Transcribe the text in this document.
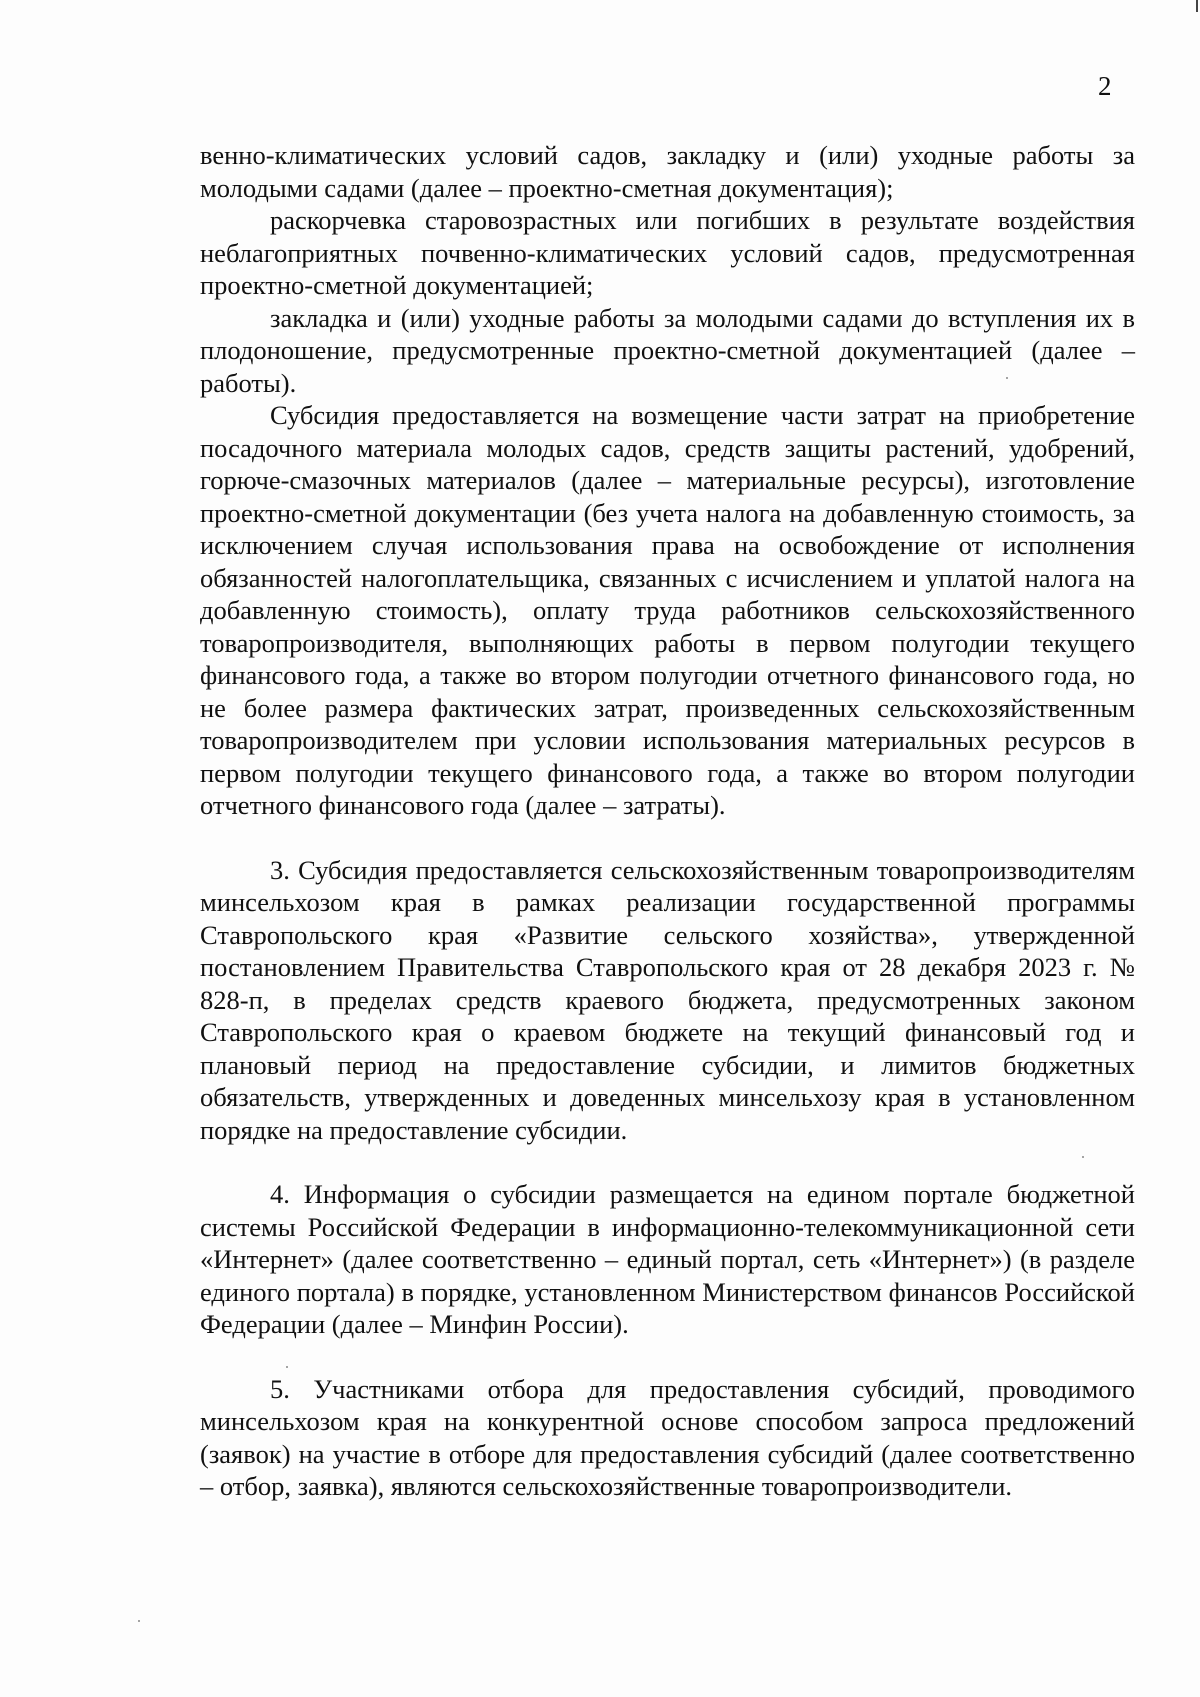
2

венно-климатических условий садов, закладку и (или) уходные работы за молодыми садами (далее – проектно-сметная документация);

раскорчевка старовозрастных или погибших в результате воздействия неблагоприятных почвенно-климатических условий садов, предусмотренная проектно-сметной документацией;

закладка и (или) уходные работы за молодыми садами до вступления их в плодоношение, предусмотренные проектно-сметной документацией (далее – работы).

Субсидия предоставляется на возмещение части затрат на приобретение посадочного материала молодых садов, средств защиты растений, удобрений, горюче-смазочных материалов (далее – материальные ресурсы), изготовление проектно-сметной документации (без учета налога на добавленную стоимость, за исключением случая использования права на освобождение от исполнения обязанностей налогоплательщика, связанных с исчислением и уплатой налога на добавленную стоимость), оплату труда работников сельскохозяйственного товаропроизводителя, выполняющих работы в первом полугодии текущего финансового года, а также во втором полугодии отчетного финансового года, но не более размера фактических затрат, произведенных сельскохозяйственным товаропроизводителем при условии использования материальных ресурсов в первом полугодии текущего финансового года, а также во втором полугодии отчетного финансового года (далее – затраты).

3. Субсидия предоставляется сельскохозяйственным товаропроизводителям минсельхозом края в рамках реализации государственной программы Ставропольского края «Развитие сельского хозяйства», утвержденной постановлением Правительства Ставропольского края от 28 декабря 2023 г. № 828-п, в пределах средств краевого бюджета, предусмотренных законом Ставропольского края о краевом бюджете на текущий финансовый год и плановый период на предоставление субсидии, и лимитов бюджетных обязательств, утвержденных и доведенных минсельхозу края в установленном порядке на предоставление субсидии.

4. Информация о субсидии размещается на едином портале бюджетной системы Российской Федерации в информационно-телекоммуникационной сети «Интернет» (далее соответственно – единый портал, сеть «Интернет») (в разделе единого портала) в порядке, установленном Министерством финансов Российской Федерации (далее – Минфин России).

5. Участниками отбора для предоставления субсидий, проводимого минсельхозом края на конкурентной основе способом запроса предложений (заявок) на участие в отборе для предоставления субсидий (далее соответственно – отбор, заявка), являются сельскохозяйственные товаропроизводители.
